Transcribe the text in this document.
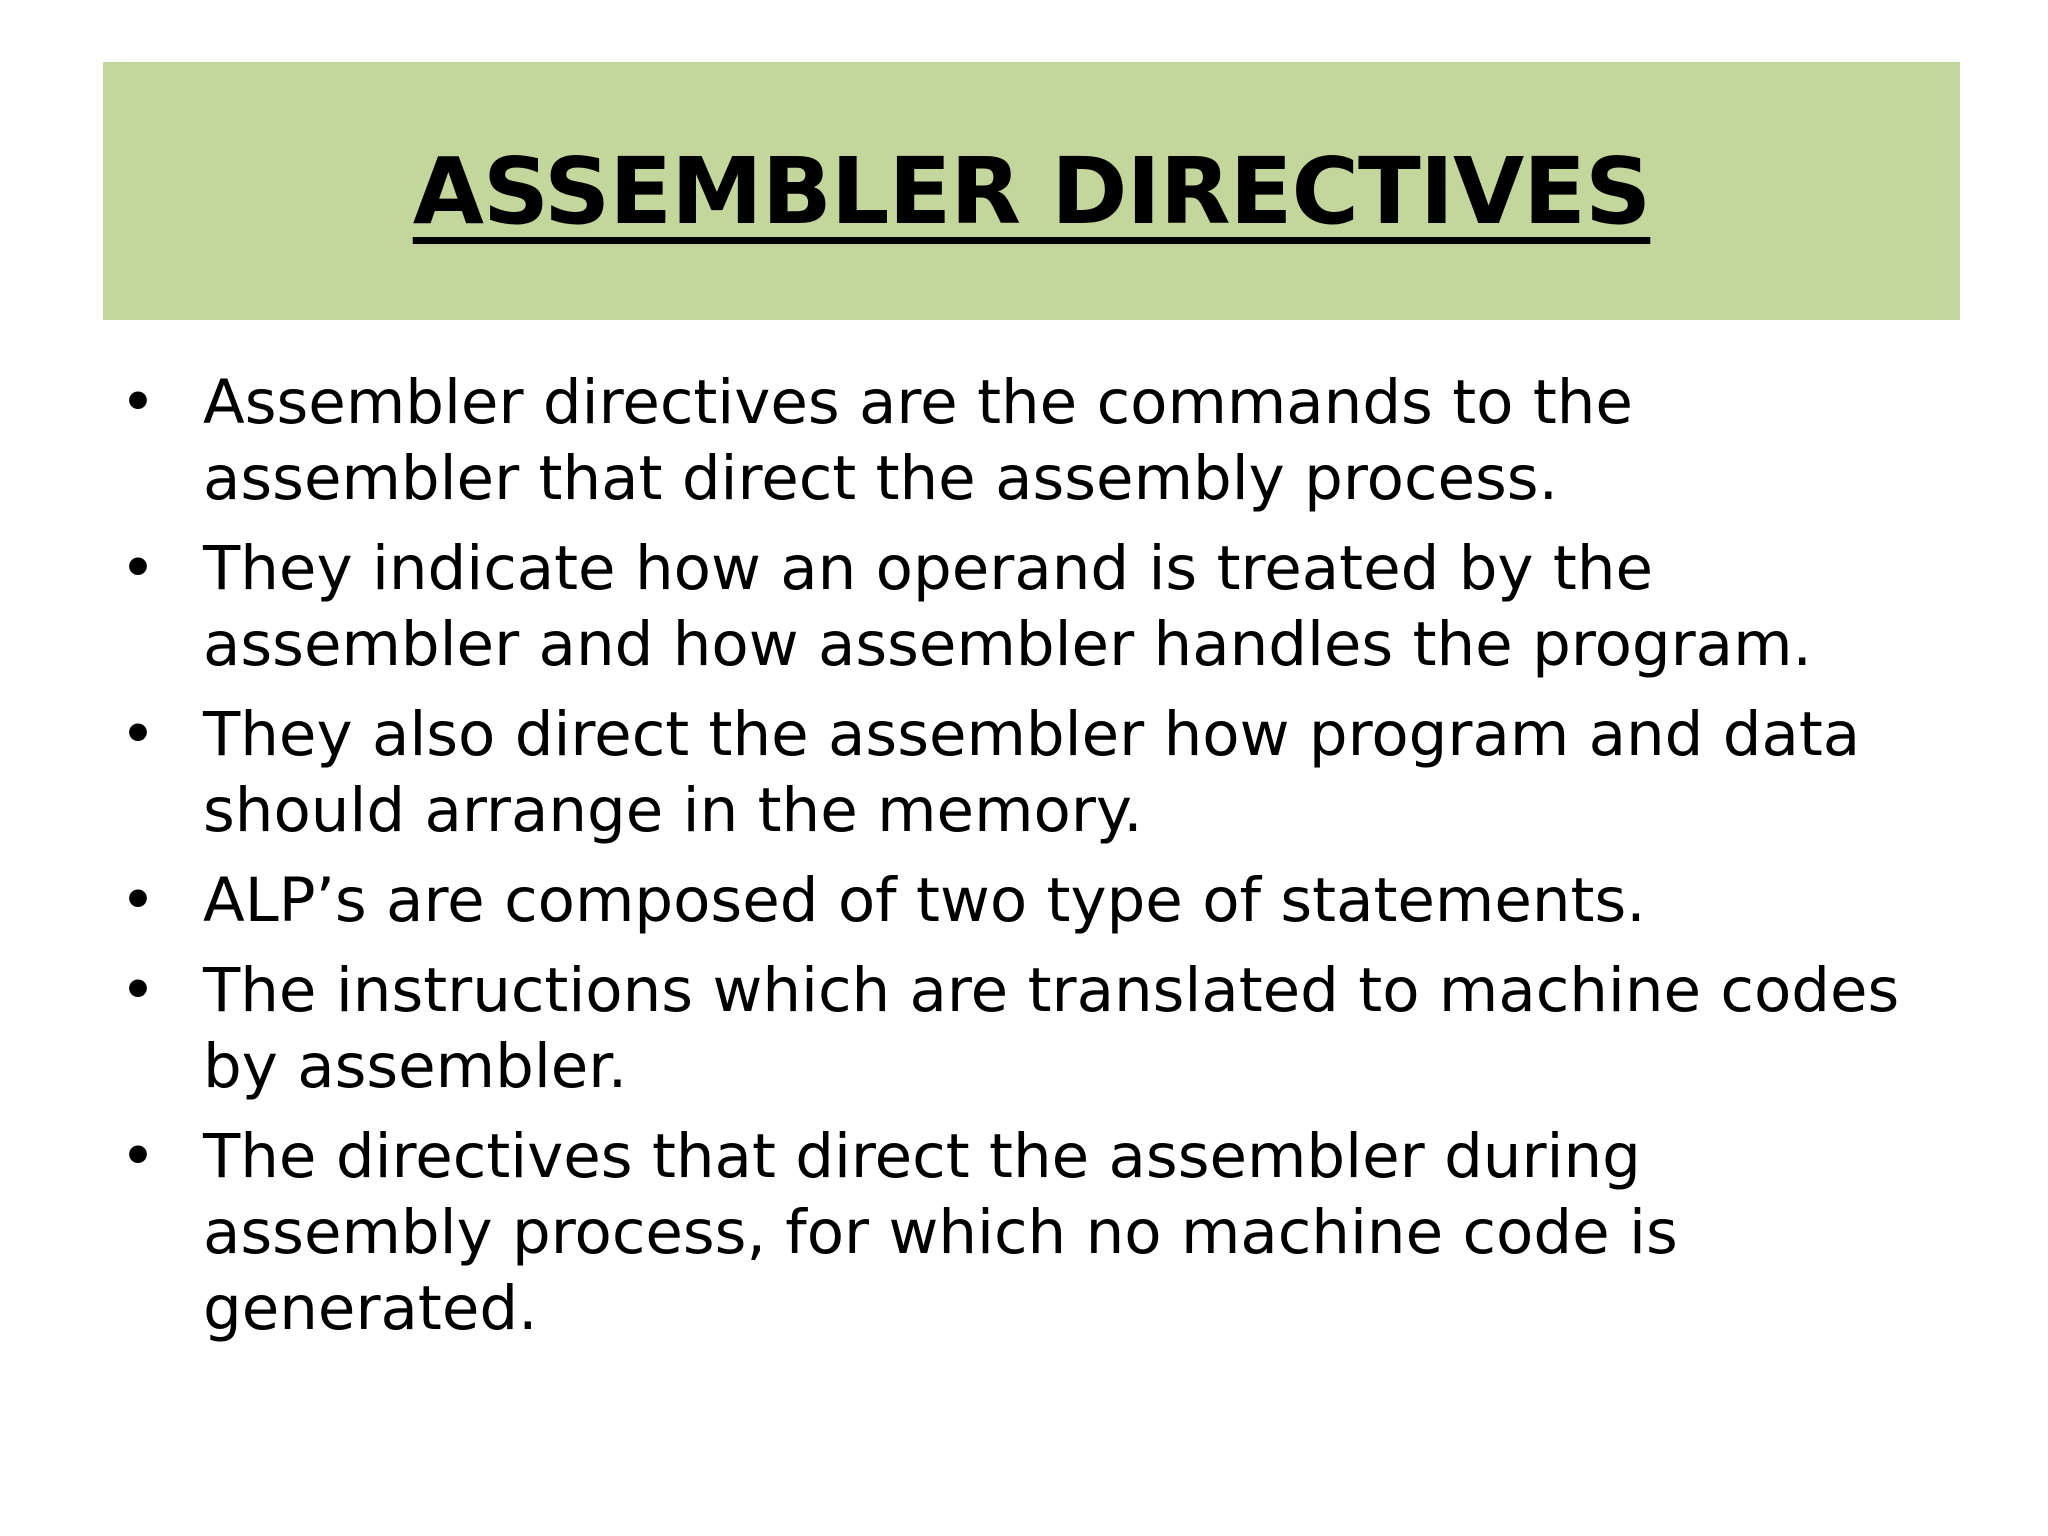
ASSEMBLER DIRECTIVES
• Assembler directives are the commands to the
assembler that direct the assembly process.
• They indicate how an operand is treated by the
assembler and how assembler handles the program.
• They also direct the assembler how program and data
should arrange in the memory.
• ALP’s are composed of two type of statements.
• The instructions which are translated to machine codes
by assembler.
• The directives that direct the assembler during
assembly process, for which no machine code is
generated.
